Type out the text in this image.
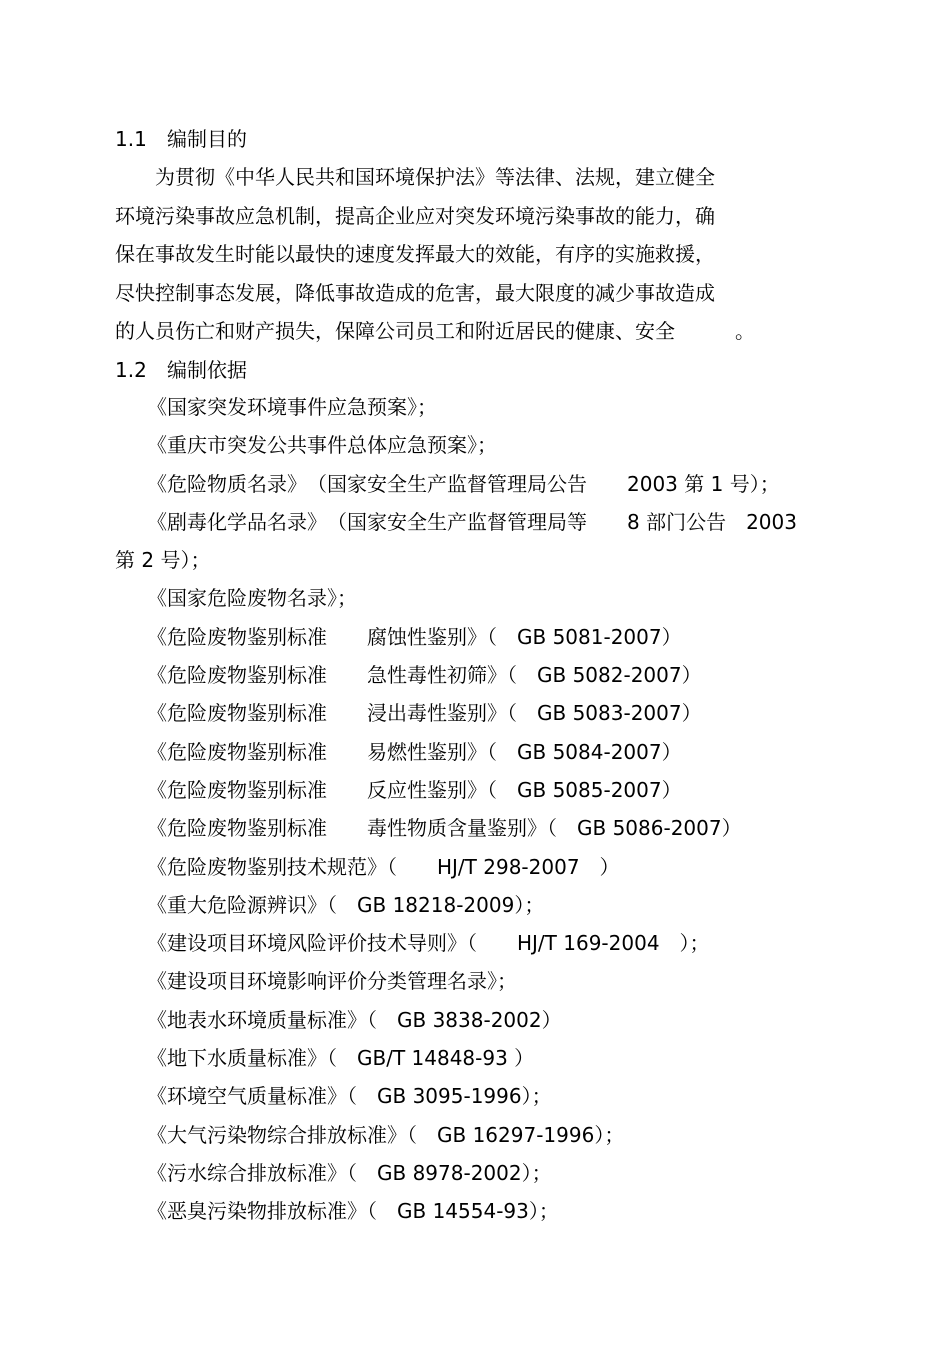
1.1 编制目的
为贯彻《中华人民共和国环境保护法》等法律、法规，建立健全
环境污染事故应急机制，提高企业应对突发环境污染事故的能力，确
保在事故发生时能以最快的速度发挥最大的效能，有序的实施救援，
尽快控制事态发展，降低事故造成的危害，最大限度的减少事故造成
的人员伤亡和财产损失，保障公司员工和附近居民的健康、安全　　　。
1.2 编制依据
《国家突发环境事件应急预案》；
《重庆市突发公共事件总体应急预案》；
《危险物质名录》　（国家安全生产监督管理局公告　　2003 第 1 号）；
《剧毒化学品名录》　（国家安全生产监督管理局等　　8 部门公告　2003
第 2 号）；
《国家危险废物名录》；
《危险废物鉴别标准　　腐蚀性鉴别》（　GB 5081-2007）
《危险废物鉴别标准　　急性毒性初筛》（　GB 5082-2007）
《危险废物鉴别标准　　浸出毒性鉴别》（　GB 5083-2007）
《危险废物鉴别标准　　易燃性鉴别》（　GB 5084-2007）
《危险废物鉴别标准　　反应性鉴别》（　GB 5085-2007）
《危险废物鉴别标准　　毒性物质含量鉴别》（　GB 5086-2007）
《危险废物鉴别技术规范》（　　HJ/T 298-2007　）
《重大危险源辨识》（　GB 18218-2009）；
《建设项目环境风险评价技术导则》（　　HJ/T 169-2004　）；
《建设项目环境影响评价分类管理名录》；
《地表水环境质量标准》（　GB 3838-2002）
《地下水质量标准》（　GB/T 14848-93 ）
《环境空气质量标准》（　GB 3095-1996）；
《大气污染物综合排放标准》（　GB 16297-1996）；
《污水综合排放标准》（　GB 8978-2002）；
《恶臭污染物排放标准》（　GB 14554-93）；
